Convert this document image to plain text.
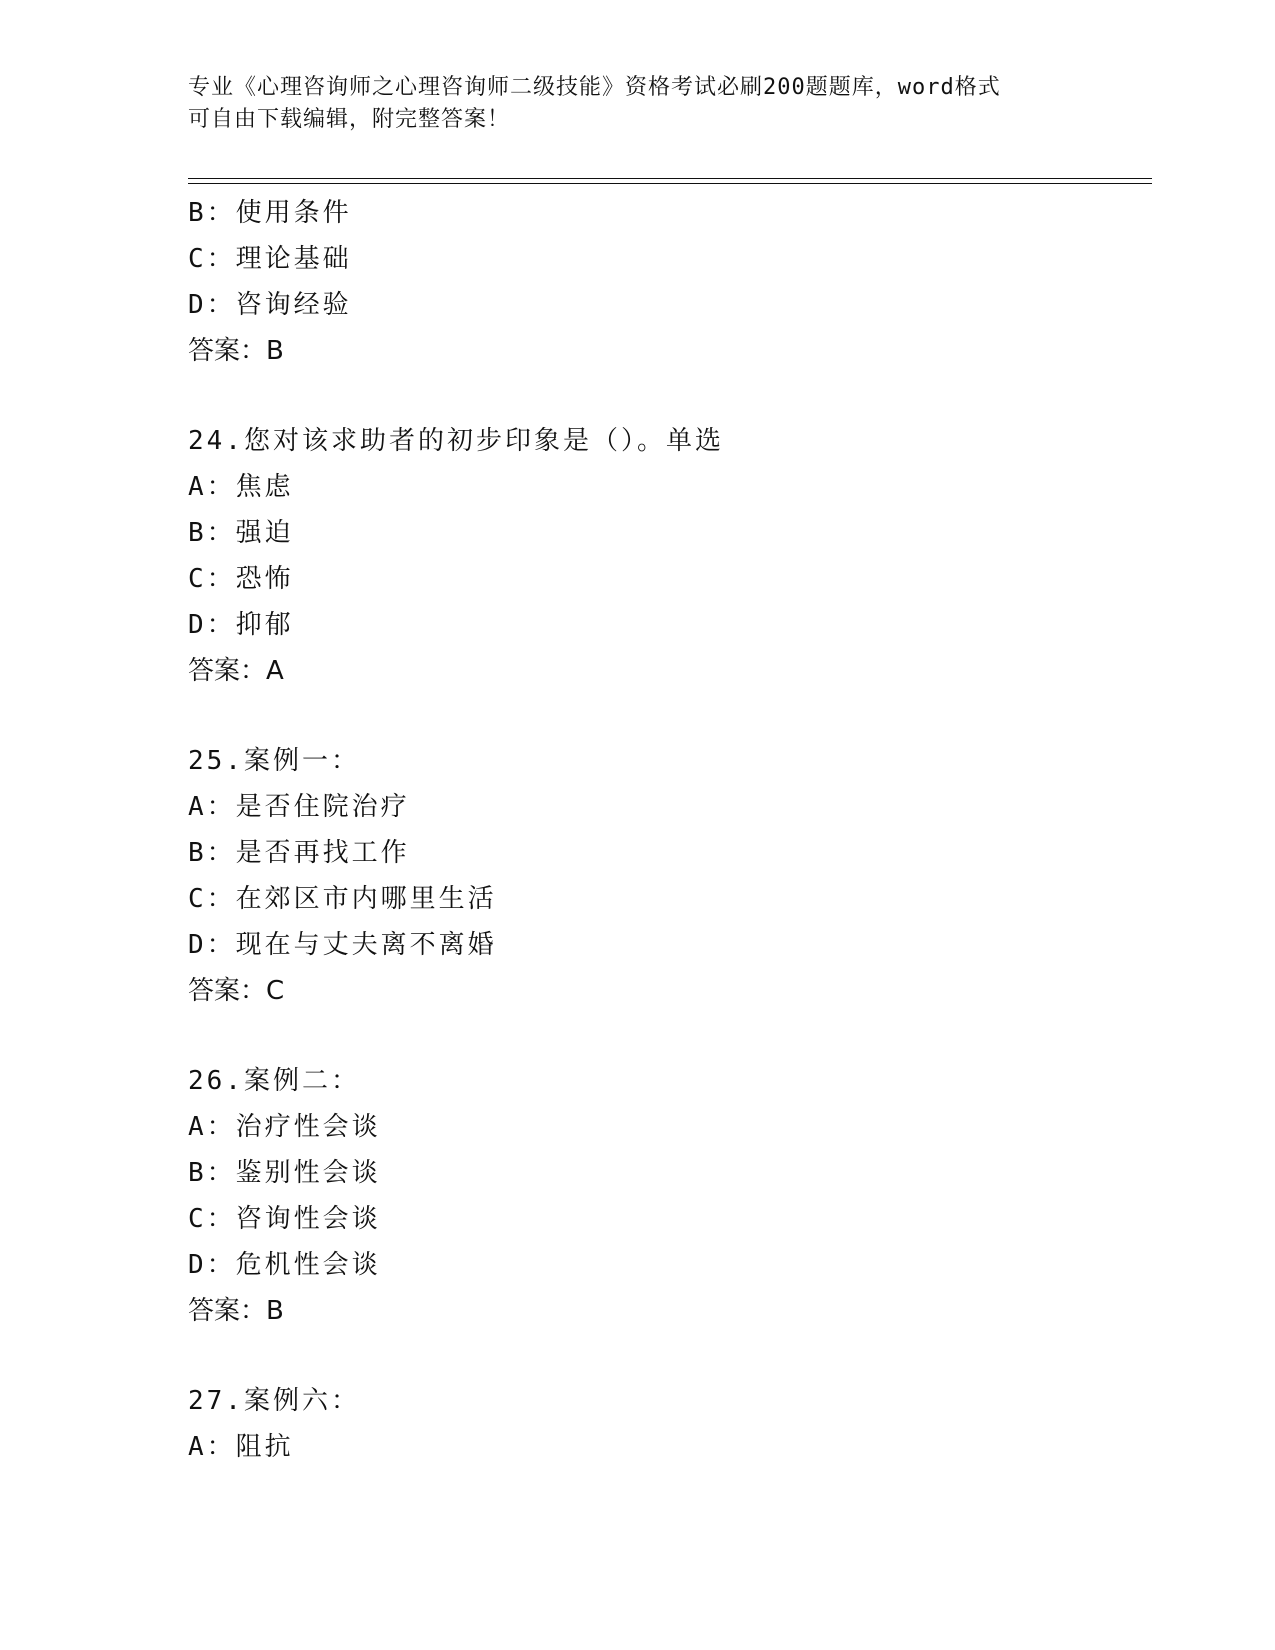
专业《心理咨询师之心理咨询师二级技能》资格考试必刷200题题库，word格式
可自由下载编辑，附完整答案！
B：使用条件
C：理论基础
D：咨询经验
答案：B
24.您对该求助者的初步印象是（）。单选
A：焦虑
B：强迫
C：恐怖
D：抑郁
答案：A
25.案例一：
A：是否住院治疗
B：是否再找工作
C：在郊区市内哪里生活
D：现在与丈夫离不离婚
答案：C
26.案例二：
A：治疗性会谈
B：鉴别性会谈
C：咨询性会谈
D：危机性会谈
答案：B
27.案例六：
A：阻抗
